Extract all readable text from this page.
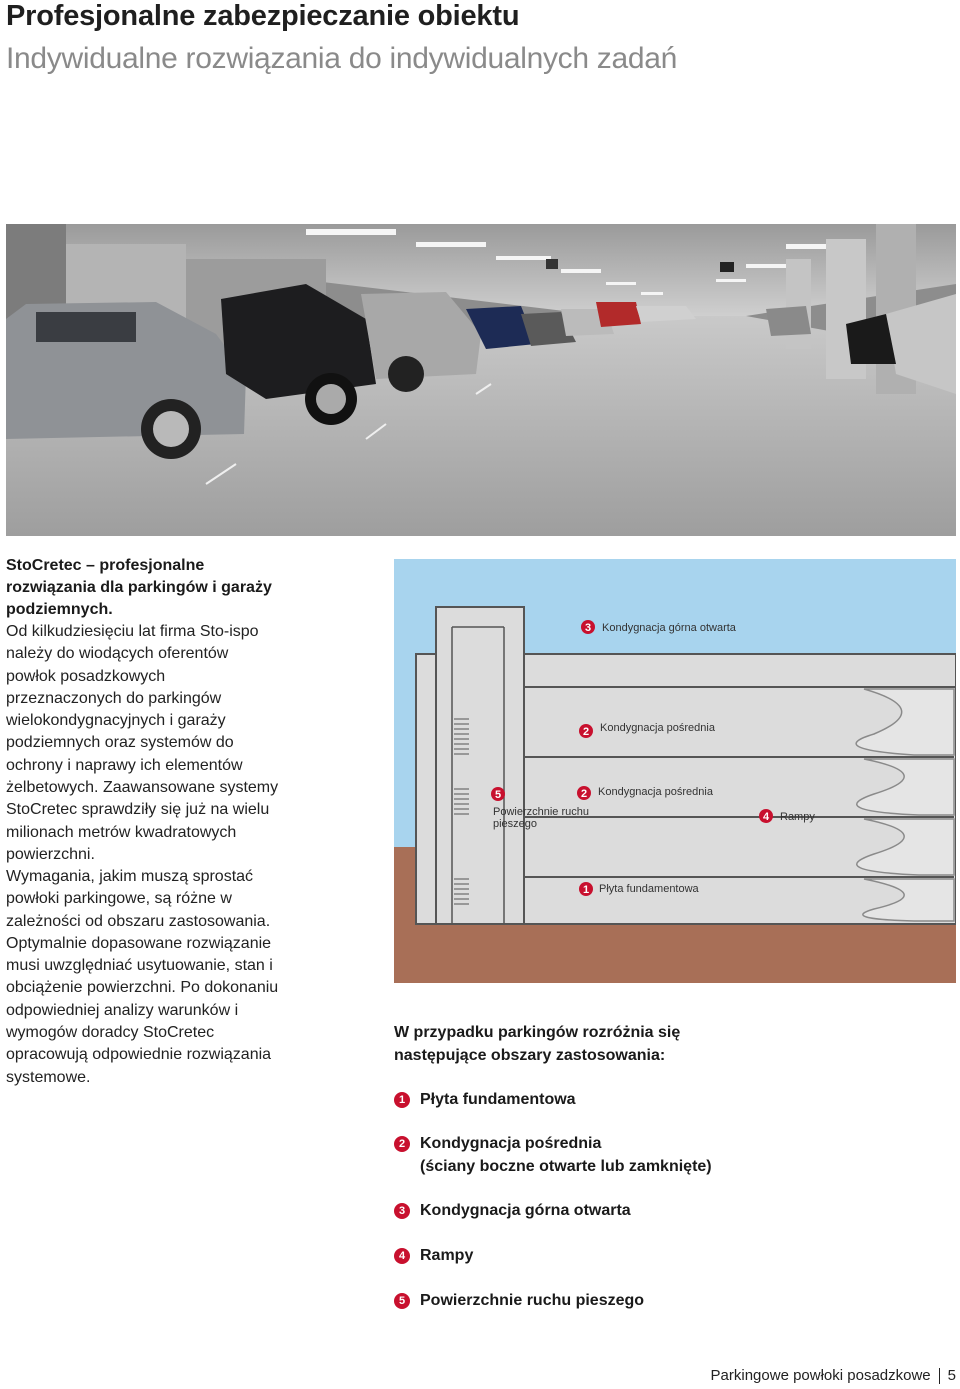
Profesjonalne zabezpieczanie obiektu
Indywidualne rozwiązania do indywidualnych zadań
StoCretec – profesjonalne rozwiązania dla parkingów i garaży podziemnych.

Od kilkudziesięciu lat firma Sto-ispo należy do wiodących oferentów powłok posadzkowych przeznaczonych do parkingów wielokondygnacyjnych i garaży podziemnych oraz systemów do ochrony i naprawy ich elementów żelbetowych. Zaawansowane systemy StoCretec sprawdziły się już na wielu milionach metrów kwadratowych powierzchni.

Wymagania, jakim muszą sprostać powłoki parkingowe, są różne w zależności od obszaru zastosowania. Optymalnie dopasowane rozwiązanie musi uwzględniać usytuowanie, stan i obciążenie powierzchni. Po dokonaniu odpowiedniej analizy warunków i wymogów doradcy StoCretec opracowują odpowiednie rozwiązania systemowe.

3 Kondygnacja górna otwarta
2 Kondygnacja pośrednia
2 Kondygnacja pośrednia
5
Powierzchnie ruchu
pieszego
4 Rampy
1 Płyta fundamentowa
W przypadku parkingów rozróżnia się następujące obszary zastosowania:
1 Płyta fundamentowa
2 Kondygnacja pośrednia
(ściany boczne otwarte lub zamknięte)
3 Kondygnacja górna otwarta
4 Rampy
5 Powierzchnie ruchu pieszego
Parkingowe powłoki posadzkowe 5
